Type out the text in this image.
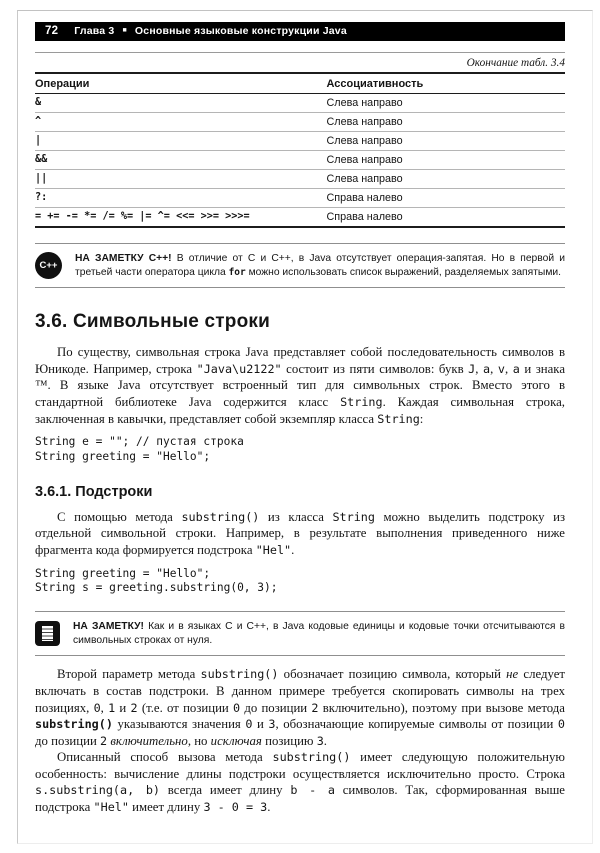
72 Глава 3 ■ Основные языковые конструкции Java
Окончание табл. 3.4
Операции	Ассоциативность
&	Слева направо
^	Слева направо
|	Слева направо
&&	Слева направо
||	Слева направо
?:	Справа налево
= += -= *= /= %= |= ^= <<= >>= >>>=	Справа налево
C++

НА ЗАМЕТКУ C++! В отличие от C и C++, в Java отсутствует операция-запятая. Но в первой и третьей части оператора цикла for можно использовать список выражений, разделяемых запятыми.

3.6. Символьные строки

По существу, символьная строка Java представляет собой последовательность символов в Юникоде. Например, строка "Java\u2122" состоит из пяти символов: букв J, a, v, a и знака ™. В языке Java отсутствует встроенный тип для символьных строк. Вместо этого в стандартной библиотеке Java содержится класс String. Каждая символьная строка, заключенная в кавычки, представляет собой экземпляр класса String:

String e = ""; // пустая строка
String greeting = "Hello";
3.6.1. Подстроки

С помощью метода substring() из класса String можно выделить подстроку из отдельной символьной строки. Например, в результате выполнения приведенного ниже фрагмента кода формируется подстрока "Hel".

String greeting = "Hello";
String s = greeting.substring(0, 3);

НА ЗАМЕТКУ! Как и в языках C и C++, в Java кодовые единицы и кодовые точки отсчитываются в символьных строках от нуля.

Второй параметр метода substring() обозначает позицию символа, который не следует включать в состав подстроки. В данном примере требуется скопировать символы на трех позициях, 0, 1 и 2 (т.е. от позиции 0 до позиции 2 включительно), поэтому при вызове метода substring() указываются значения 0 и 3, обозначающие копируемые символы от позиции 0 до позиции 2 включительно, но исключая позицию 3.

Описанный способ вызова метода substring() имеет следующую положительную особенность: вычисление длины подстроки осуществляется исключительно просто. Строка s.substring(a, b) всегда имеет длину b - a символов. Так, сформированная выше подстрока "Hel" имеет длину 3 - 0 = 3.
